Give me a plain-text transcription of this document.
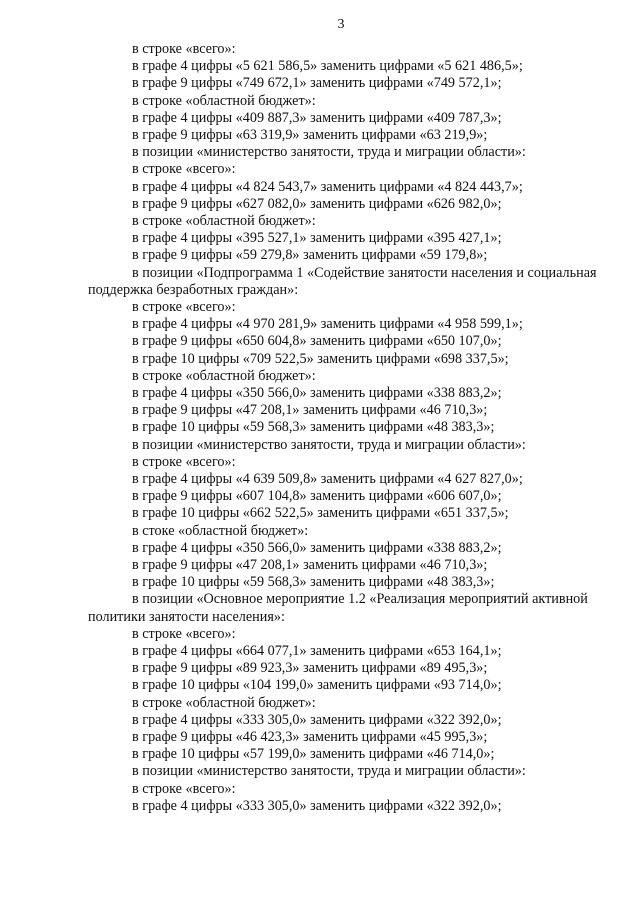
3
в строке «всего»:
в графе 4 цифры «5 621 586,5» заменить цифрами «5 621 486,5»;
в графе 9 цифры «749 672,1» заменить цифрами «749 572,1»;
в строке «областной бюджет»:
в графе 4 цифры «409 887,3» заменить цифрами «409 787,3»;
в графе 9 цифры «63 319,9» заменить цифрами «63 219,9»;
в позиции «министерство занятости, труда и миграции области»:
в строке «всего»:
в графе 4 цифры «4 824 543,7» заменить цифрами «4 824 443,7»;
в графе 9 цифры «627 082,0» заменить цифрами «626 982,0»;
в строке «областной бюджет»:
в графе 4 цифры «395 527,1» заменить цифрами «395 427,1»;
в графе 9 цифры «59 279,8» заменить цифрами «59 179,8»;
в позиции «Подпрограмма 1 «Содействие занятости населения и социальная
поддержка безработных граждан»:
в строке «всего»:
в графе 4 цифры «4 970 281,9» заменить цифрами «4 958 599,1»;
в графе 9 цифры «650 604,8» заменить цифрами «650 107,0»;
в графе 10 цифры «709 522,5» заменить цифрами «698 337,5»;
в строке «областной бюджет»:
в графе 4 цифры «350 566,0» заменить цифрами «338 883,2»;
в графе 9 цифры «47 208,1» заменить цифрами «46 710,3»;
в графе 10 цифры «59 568,3» заменить цифрами «48 383,3»;
в позиции «министерство занятости, труда и миграции области»:
в строке «всего»:
в графе 4 цифры «4 639 509,8» заменить цифрами «4 627 827,0»;
в графе 9 цифры «607 104,8» заменить цифрами «606 607,0»;
в графе 10 цифры «662 522,5» заменить цифрами «651 337,5»;
в стоке «областной бюджет»:
в графе 4 цифры «350 566,0» заменить цифрами «338 883,2»;
в графе 9 цифры «47 208,1» заменить цифрами «46 710,3»;
в графе 10 цифры «59 568,3» заменить цифрами «48 383,3»;
в позиции «Основное мероприятие 1.2 «Реализация мероприятий активной
политики занятости населения»:
в строке «всего»:
в графе 4 цифры «664 077,1» заменить цифрами «653 164,1»;
в графе 9 цифры «89 923,3» заменить цифрами «89 495,3»;
в графе 10 цифры «104 199,0» заменить цифрами «93 714,0»;
в строке «областной бюджет»:
в графе 4 цифры «333 305,0» заменить цифрами «322 392,0»;
в графе 9 цифры «46 423,3» заменить цифрами «45 995,3»;
в графе 10 цифры «57 199,0» заменить цифрами «46 714,0»;
в позиции «министерство занятости, труда и миграции области»:
в строке «всего»:
в графе 4 цифры «333 305,0» заменить цифрами «322 392,0»;
